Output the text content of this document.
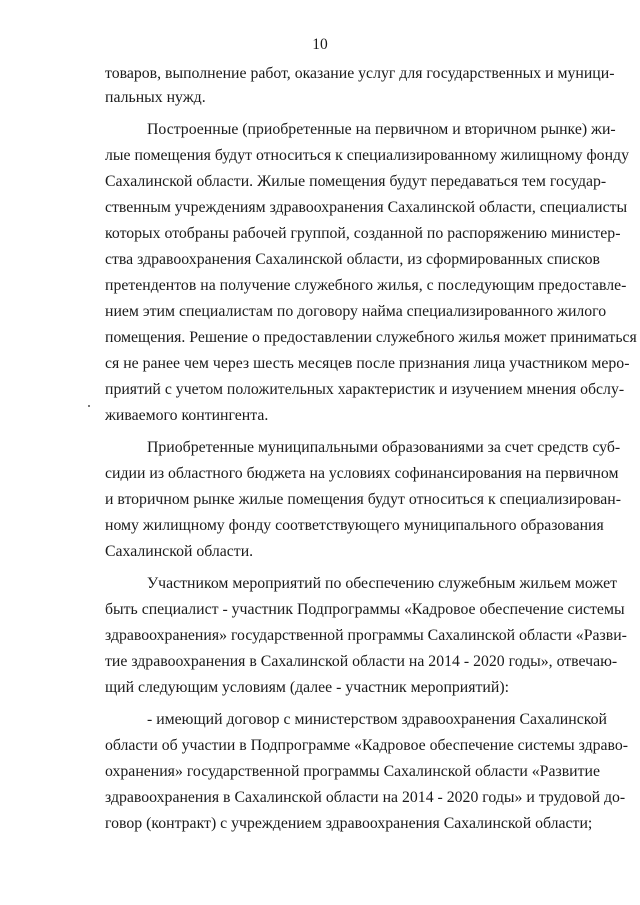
10
товаров, выполнение работ, оказание услуг для государственных и муници-
пальных нужд.
Построенные (приобретенные на первичном и вторичном рынке) жи-
лые помещения будут относиться к специализированному жилищному фонду
Сахалинской области. Жилые помещения будут передаваться тем государ-
ственным учреждениям здравоохранения Сахалинской области, специалисты
которых отобраны рабочей группой, созданной по распоряжению министер-
ства здравоохранения Сахалинской области, из сформированных списков
претендентов на получение служебного жилья, с последующим предоставле-
нием этим специалистам по договору найма специализированного жилого
помещения. Решение о предоставлении служебного жилья может приниматься
ся не ранее чем через шесть месяцев после признания лица участником меро-
приятий с учетом положительных характеристик и изучением мнения обслу-
живаемого контингента.
Приобретенные муниципальными образованиями за счет средств суб-
сидии из областного бюджета на условиях софинансирования на первичном
и вторичном рынке жилые помещения будут относиться к специализирован-
ному жилищному фонду соответствующего муниципального образования
Сахалинской области.
Участником мероприятий по обеспечению служебным жильем может
быть специалист - участник Подпрограммы «Кадровое обеспечение системы
здравоохранения» государственной программы Сахалинской области «Разви-
тие здравоохранения в Сахалинской области на 2014 - 2020 годы», отвечаю-
щий следующим условиям (далее - участник мероприятий):
- имеющий договор с министерством здравоохранения Сахалинской
области об участии в Подпрограмме «Кадровое обеспечение системы здраво-
охранения» государственной программы Сахалинской области «Развитие
здравоохранения в Сахалинской области на 2014 - 2020 годы» и трудовой до-
говор (контракт) с учреждением здравоохранения Сахалинской области;
